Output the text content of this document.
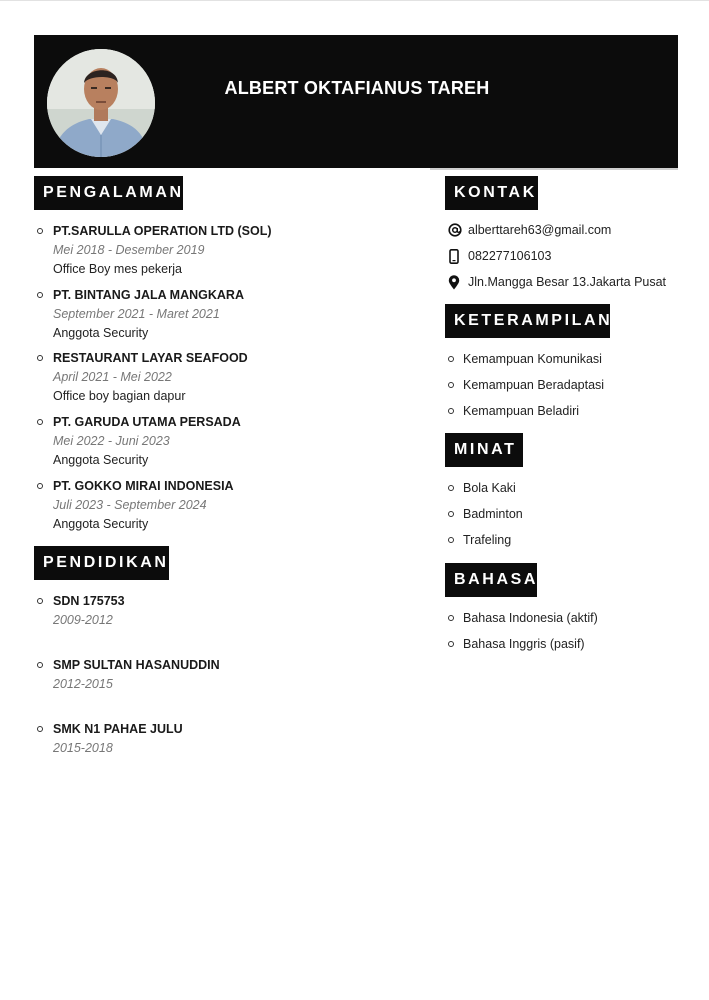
ALBERT OKTAFIANUS TAREH
PENGALAMAN
PT.SARULLA OPERATION LTD (SOL)
Mei 2018 - Desember 2019
Office Boy mes pekerja
PT. BINTANG JALA MANGKARA
September 2021 - Maret 2021
Anggota Security
RESTAURANT LAYAR SEAFOOD
April 2021 - Mei 2022
Office boy bagian dapur
PT. GARUDA UTAMA PERSADA
Mei 2022 - Juni 2023
Anggota Security
PT. GOKKO MIRAI INDONESIA
Juli 2023 - September 2024
Anggota Security
PENDIDIKAN
SDN 175753
2009-2012
SMP SULTAN HASANUDDIN
2012-2015
SMK N1 PAHAE JULU
2015-2018
KONTAK
alberttareh63@gmail.com
082277106103
Jln.Mangga Besar 13.Jakarta Pusat
KETERAMPILAN
Kemampuan Komunikasi
Kemampuan Beradaptasi
Kemampuan Beladiri
MINAT
Bola Kaki
Badminton
Trafeling
BAHASA
Bahasa Indonesia (aktif)
Bahasa Inggris (pasif)
